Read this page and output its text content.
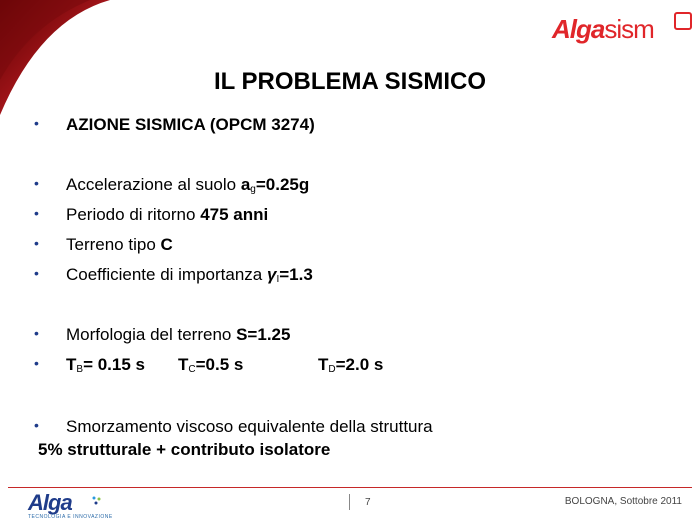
Algasism
IL PROBLEMA SISMICO
• AZIONE SISMICA (OPCM 3274)
• Accelerazione al suolo $a_g=0.25g$
• Periodo di ritorno 475 anni
• Terreno tipo C
• Coefficiente di importanza $\gamma_I=1.3$
• Morfologia del terreno S=1.25
• $T_B= 0.15$ s $T_C=0.5$ s	$T_D=2.0$ s
• Smorzamento viscoso equivalente della struttura
5% strutturale + contributo isolatore
Alga
TECNOLOGIA E INNOVAZIONE
7	BOLOGNA, Sottobre 2011
